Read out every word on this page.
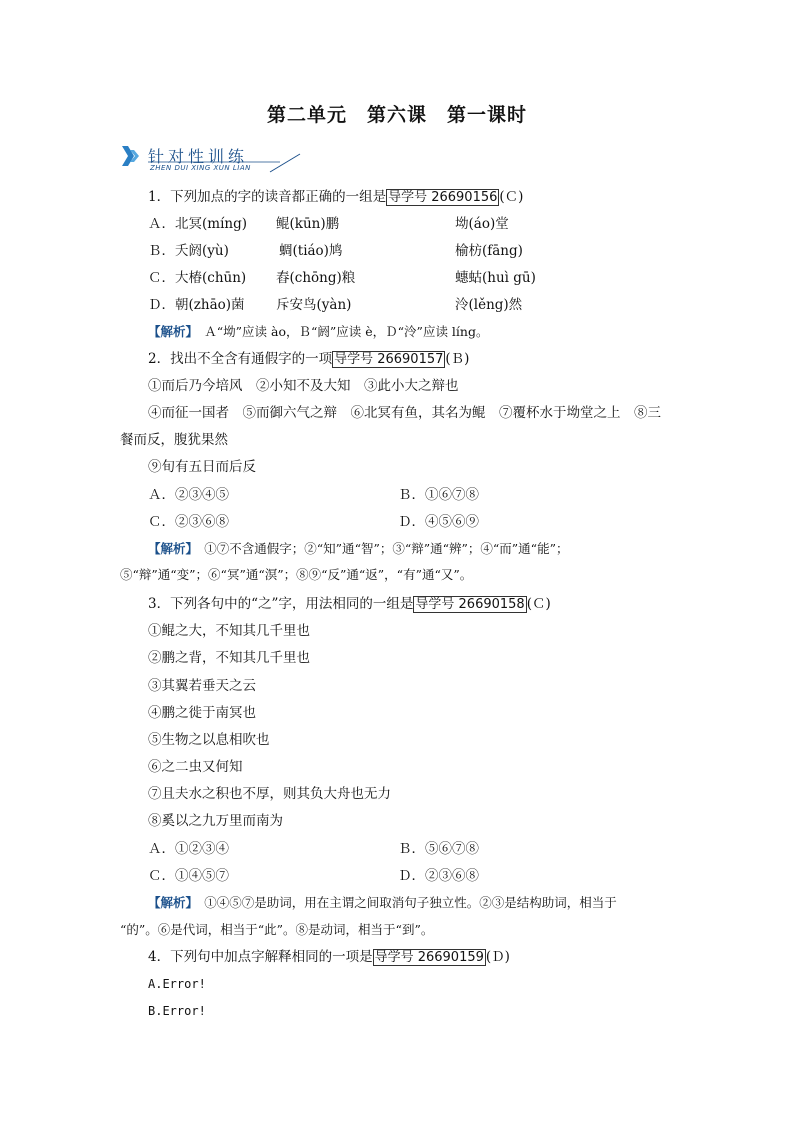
第二单元　第六课　第一课时
针对性训练
ZHEN DUI XING XUN LIAN
1．下列加点的字的读音都正确的一组是 导学号 26690156 (Ｃ)
Ａ．北冥(míng) 鲲(kūn)鹏	坳(áo)堂
Ｂ．夭阏(yù)	蜩(tiáo)鸠	榆枋(fāng)
Ｃ．大椿(chūn) 舂(chōng)粮	蟪蛄(huì gū)
Ｄ．朝(zhāo)菌 斥安鸟(yàn)	泠(lěng)然
【解析】　 Ａ“坳”应读 ào，Ｂ“阏”应读 è，Ｄ“泠”应读 líng。
2．找出不全含有通假字的一项 导学号 26690157 (Ｂ)
①而后乃今培风　②小知不及大知　③此小大之辩也
④而征一国者　⑤而御六气之辩　⑥北冥有鱼，其名为鲲　⑦覆杯水于坳堂之上　⑧三
餐而反，腹犹果然
⑨旬有五日而后反
Ａ．②③④⑤	Ｂ．①⑥⑦⑧
Ｃ．②③⑥⑧	Ｄ．④⑤⑥⑨
【解析】　 ①⑦不含通假字；②“知”通“智”；③“辩”通“辨”；④“而”通“能”；
⑤“辩”通“变”；⑥“冥”通“溟”；⑧⑨“反”通“返”，“有”通“又”。
3．下列各句中的“之”字，用法相同的一组是 导学号 26690158 (Ｃ)
①鲲之大，不知其几千里也
②鹏之背，不知其几千里也
③其翼若垂天之云
④鹏之徙于南冥也
⑤生物之以息相吹也
⑥之二虫又何知
⑦且夫水之积也不厚，则其负大舟也无力
⑧奚以之九万里而南为
Ａ．①②③④	Ｂ．⑤⑥⑦⑧
Ｃ．①④⑤⑦	Ｄ．②③⑥⑧
【解析】　 ①④⑤⑦是助词，用在主谓之间取消句子独立性。②③是结构助词，相当于
“的”。⑥是代词，相当于“此”。⑧是动词，相当于“到”。
4．下列句中加点字解释相同的一项是 导学号 26690159 (Ｄ)
A.Error!
B.Error!
